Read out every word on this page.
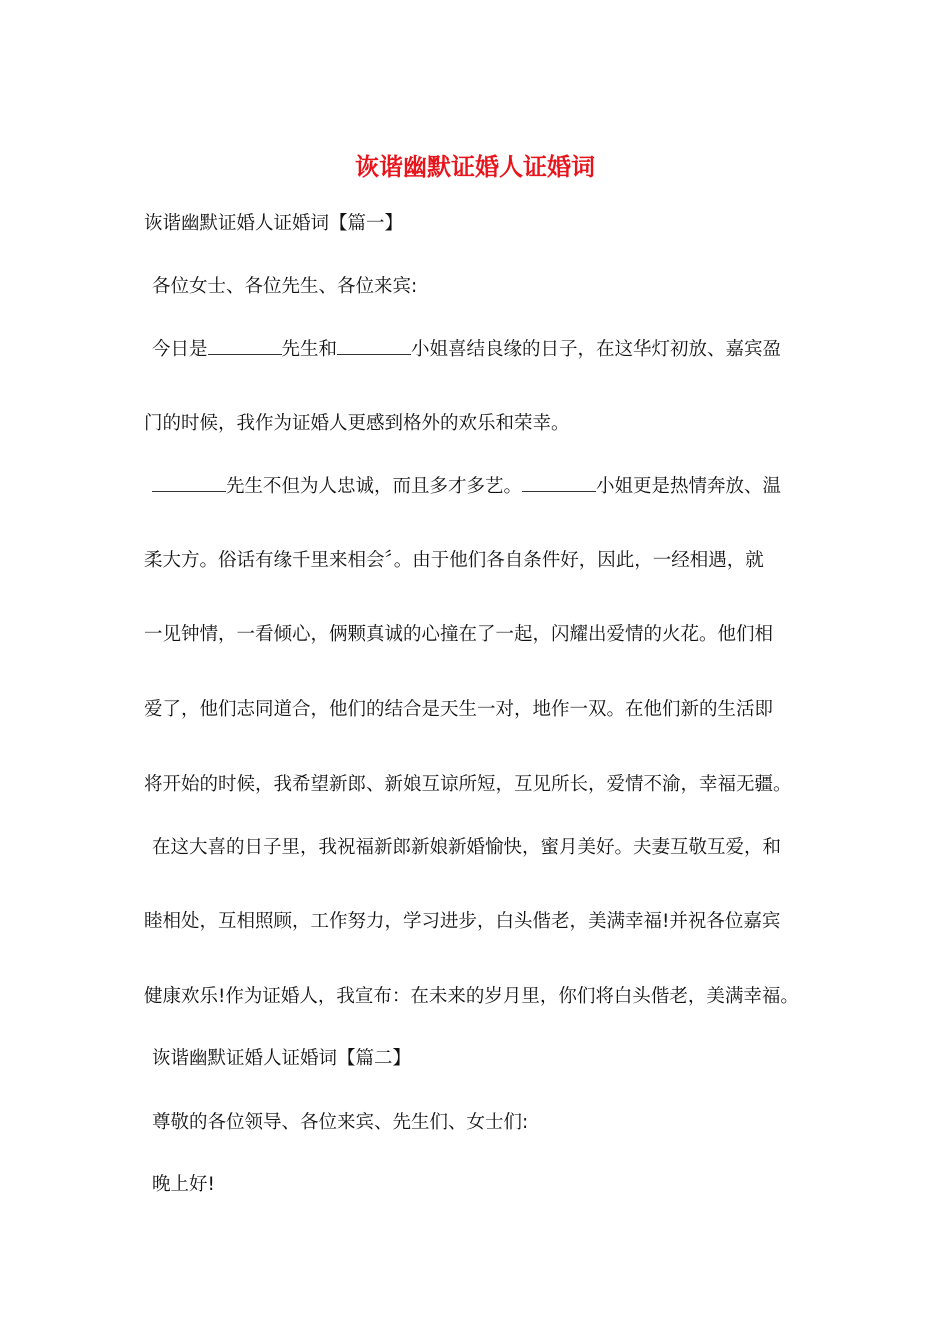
诙谐幽默证婚人证婚词
诙谐幽默证婚人证婚词【篇一】
各位女士、各位先生、各位来宾:
今日是	先生和	小姐喜结良缘的日子，在这华灯初放、嘉宾盈
门的时候，我作为证婚人更感到格外的欢乐和荣幸。
先生不但为人忠诚，而且多才多艺。	小姐更是热情奔放、温
柔大方。俗话有缘千里来相会〞。由于他们各自条件好，因此，一经相遇，就
一见钟情，一看倾心，俩颗真诚的心撞在了一起，闪耀出爱情的火花。他们相
爱了，他们志同道合，他们的结合是天生一对，地作一双。在他们新的生活即
将开始的时候，我希望新郎、新娘互谅所短，互见所长，爱情不渝，幸福无疆。
在这大喜的日子里，我祝福新郎新娘新婚愉快，蜜月美好。夫妻互敬互爱，和
睦相处，互相照顾，工作努力，学习进步，白头偕老，美满幸福!并祝各位嘉宾
健康欢乐!作为证婚人，我宣布：在未来的岁月里，你们将白头偕老，美满幸福。
诙谐幽默证婚人证婚词【篇二】
尊敬的各位领导、各位来宾、先生们、女士们:
晚上好!
